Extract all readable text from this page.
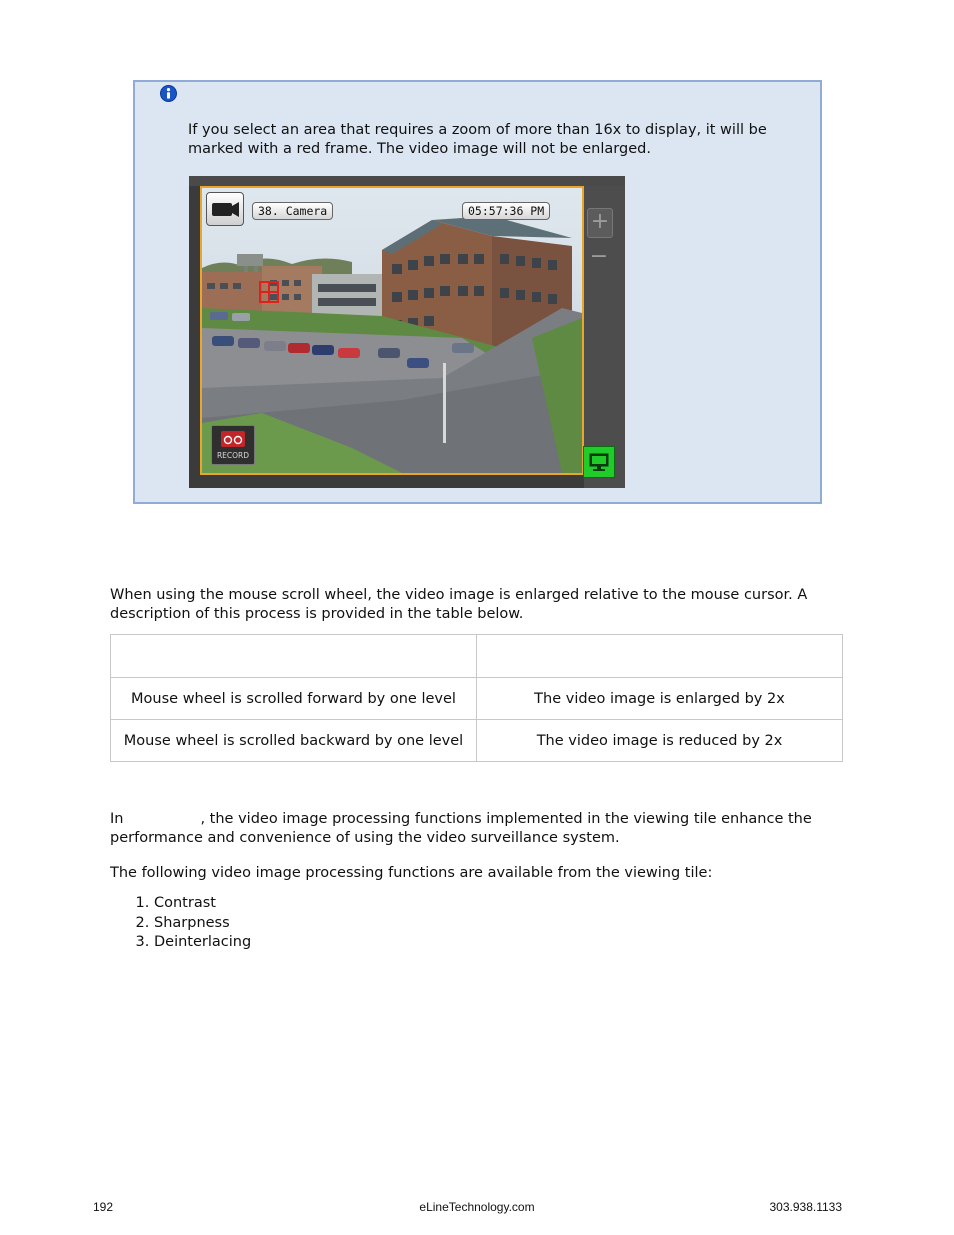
If you select an area that requires a zoom of more than 16x to display, it will be marked with a red frame. The video image will not be enlarged.
38. Camera	05:57:36 PM
RECORD
+
−
When using the mouse scroll wheel, the video image is enlarged relative to the mouse cursor. A description of this process is provided in the table below.

Mouse wheel is scrolled forward by one level	The video image is enlarged by 2x
Mouse wheel is scrolled backward by one level	The video image is reduced by 2x
In	, the video image processing functions implemented in the viewing tile enhance the performance and convenience of using the video surveillance system.
The following video image processing functions are available from the viewing tile:
1. Contrast
2. Sharpness
3. Deinterlacing
192	eLineTechnology.com	303.938.1133
